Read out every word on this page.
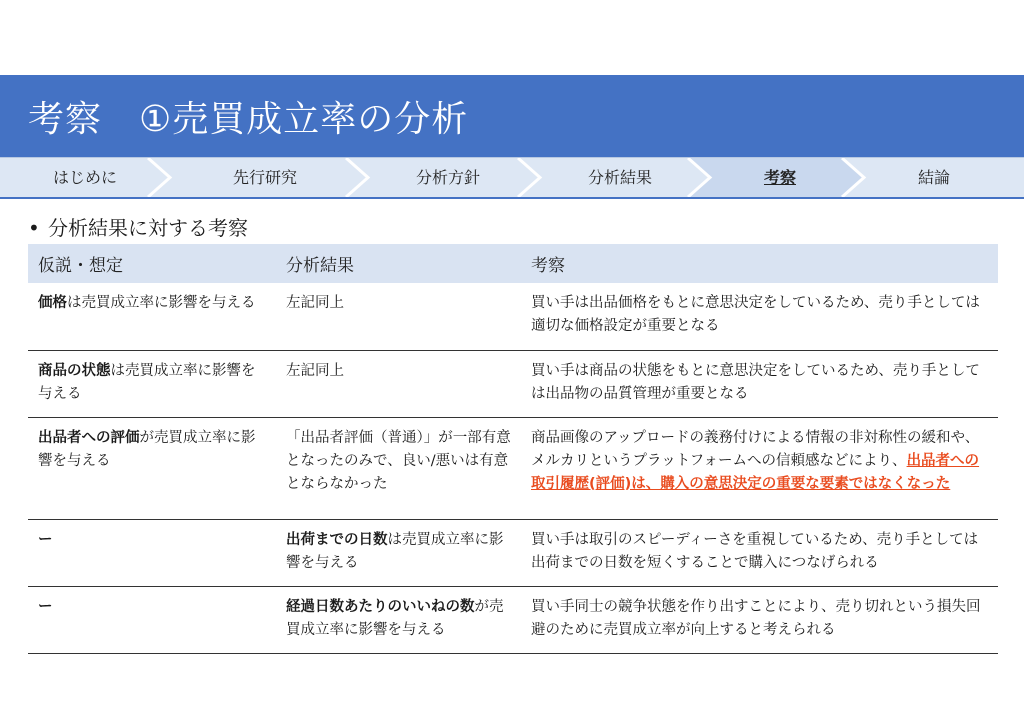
考察　①売買成立率の分析
はじめに	先行研究	分析方針	分析結果	考察	結論
• 分析結果に対する考察
仮説・想定	分析結果	考察
価格は売買成立率に影響を与える	左記同上	買い手は出品価格をもとに意思決定をしているため、売り手としては適切な価格設定が重要となる
商品の状態は売買成立率に影響を与える	左記同上	買い手は商品の状態をもとに意思決定をしているため、売り手としては出品物の品質管理が重要となる
出品者への評価が売買成立率に影響を与える	「出品者評価（普通）」が一部有意となったのみで、良い/悪いは有意とならなかった	商品画像のアップロードの義務付けによる情報の非対称性の緩和や、メルカリというプラットフォームへの信頼感などにより、出品者への取引履歴(評価)は、購入の意思決定の重要な要素ではなくなった
ー	出荷までの日数は売買成立率に影響を与える	買い手は取引のスピーディーさを重視しているため、売り手としては出荷までの日数を短くすることで購入につなげられる
ー	経過日数あたりのいいねの数が売買成立率に影響を与える	買い手同士の競争状態を作り出すことにより、売り切れという損失回避のために売買成立率が向上すると考えられる
